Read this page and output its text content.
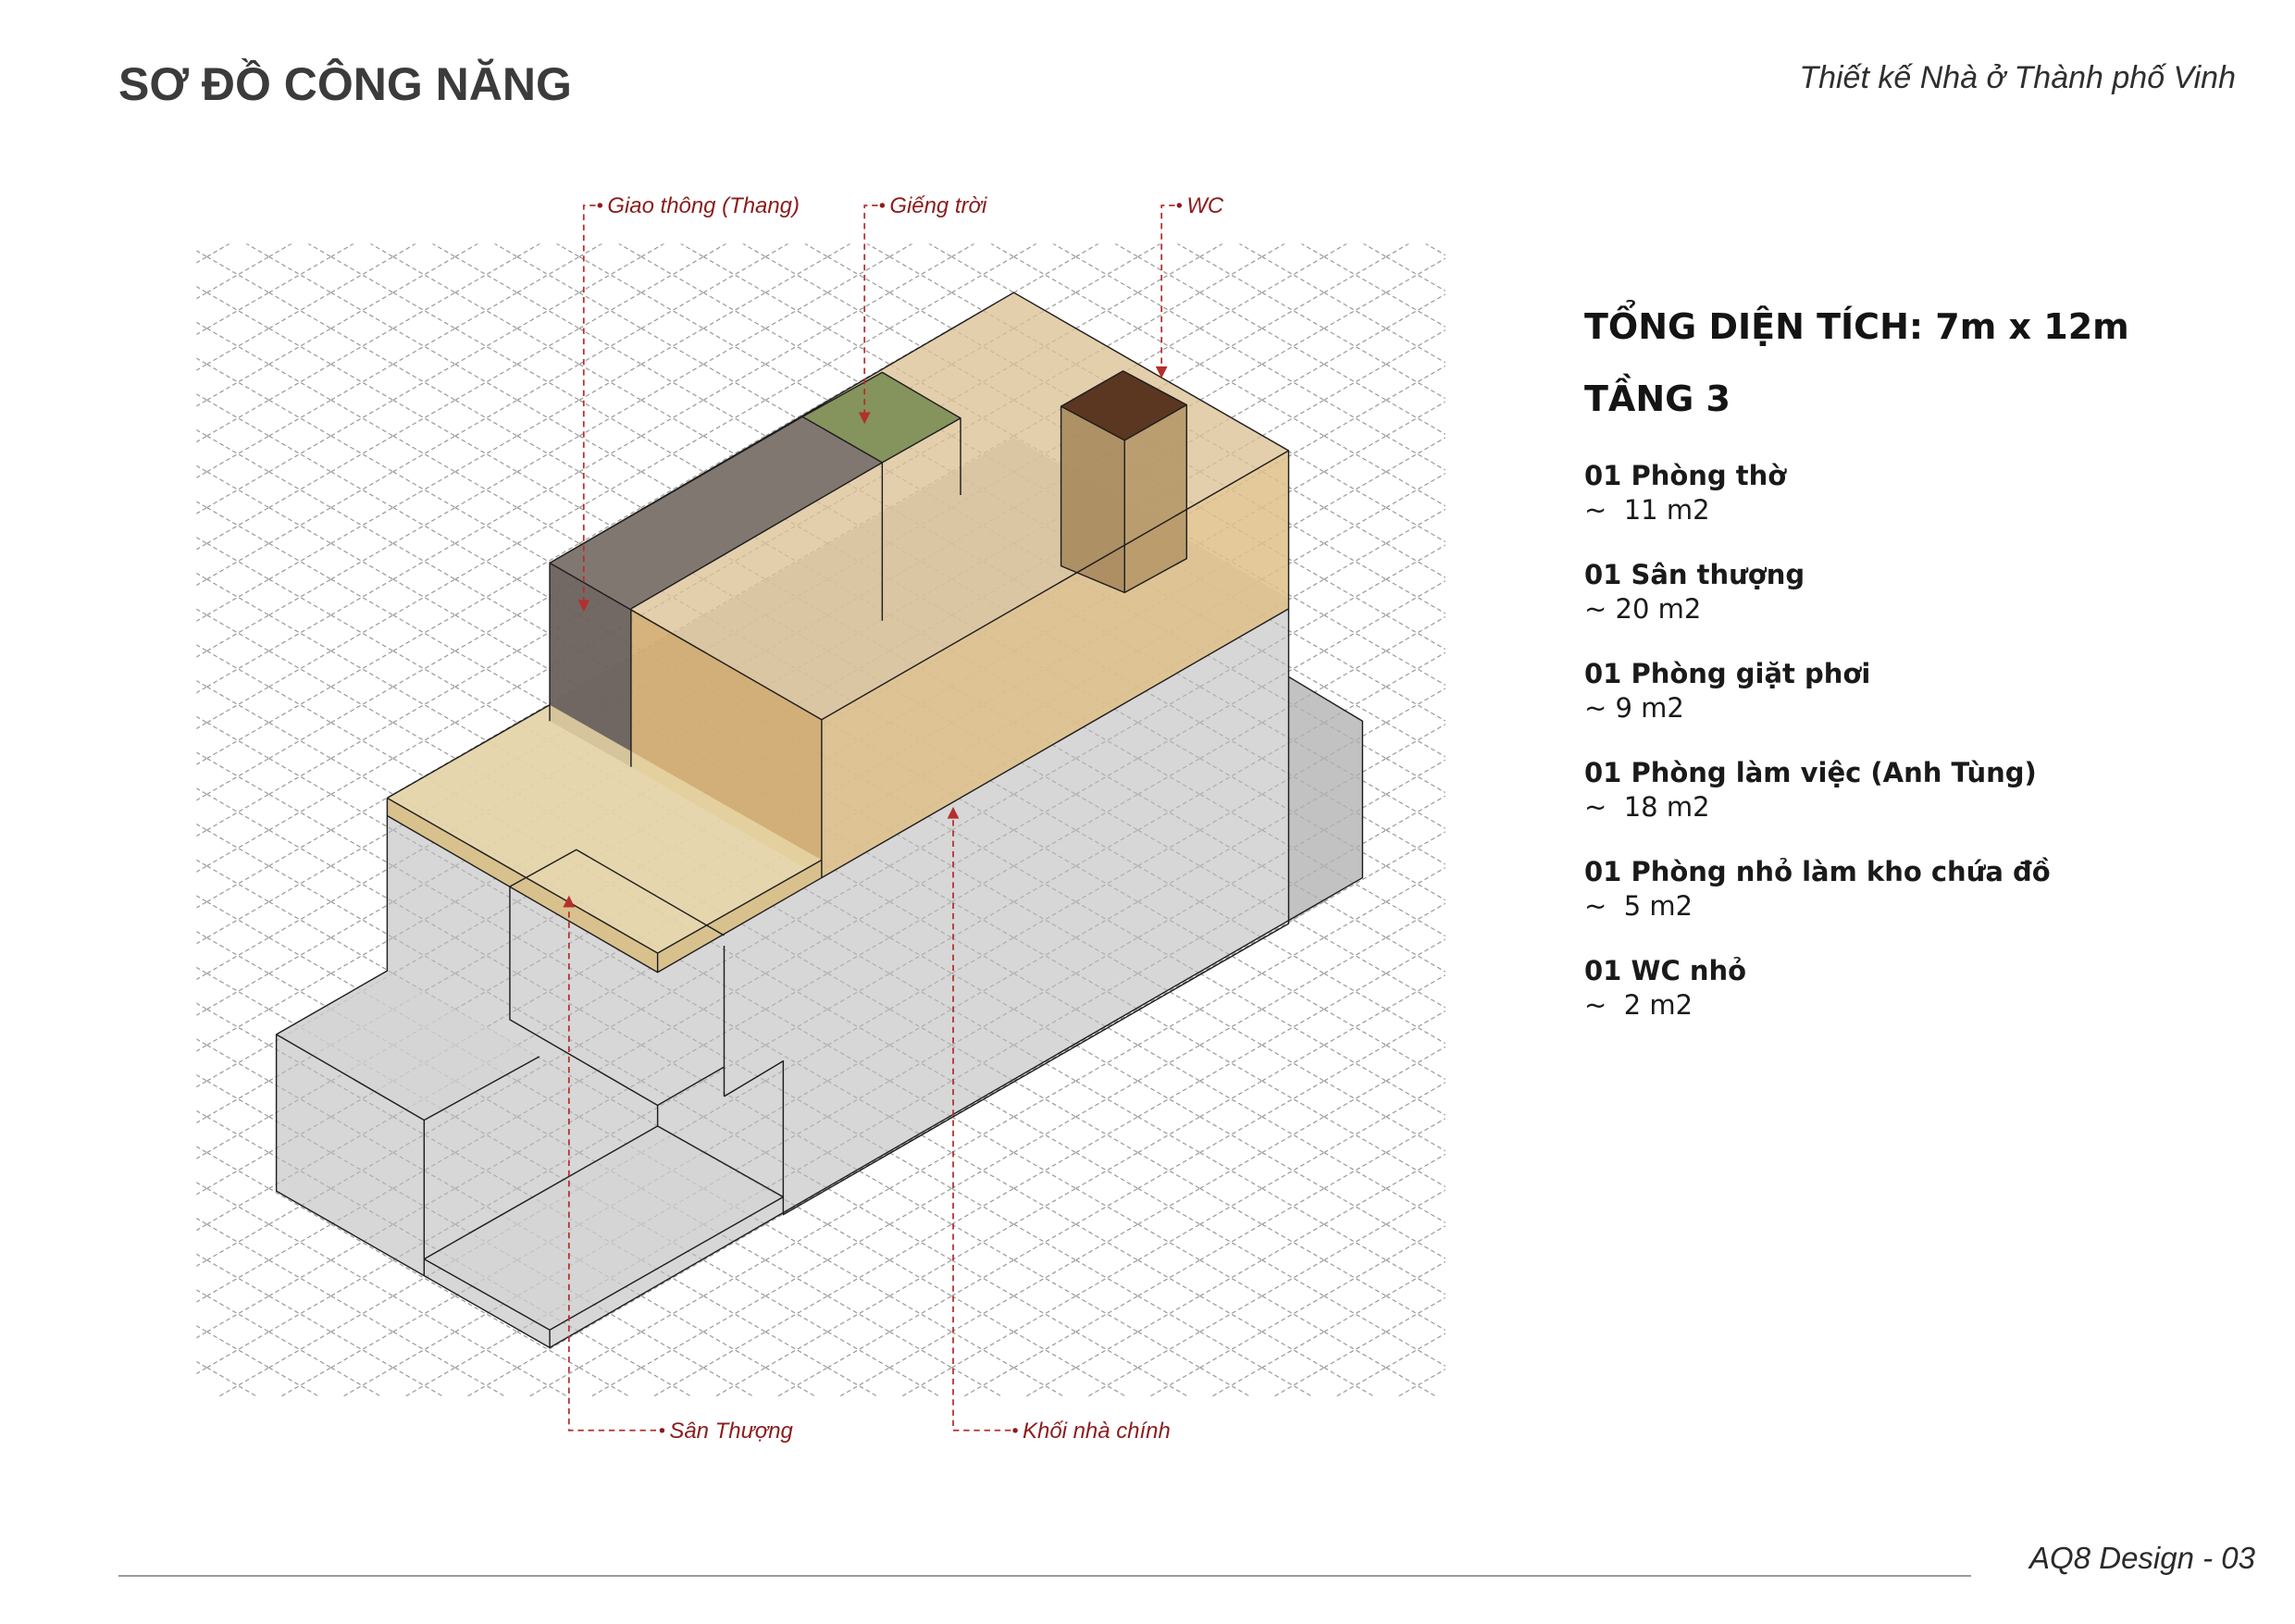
Giao thông (Thang)	Giếng trời	WC
Sân Thượng	Khối nhà chính
SƠ ĐỒ CÔNG NĂNG	Thiết kế Nhà ở Thành phố Vinh
TỔNG DIỆN TÍCH: 7m x 12m
TẦNG 3
01 Phòng thờ
~  11 m2
01 Sân thượng
~ 20 m2
01 Phòng giặt phơi
~ 9 m2
01 Phòng làm việc (Anh Tùng)
~  18 m2
01 Phòng nhỏ làm kho chứa đồ
~  5 m2
01 WC nhỏ
~  2 m2
AQ8 Design - 03
